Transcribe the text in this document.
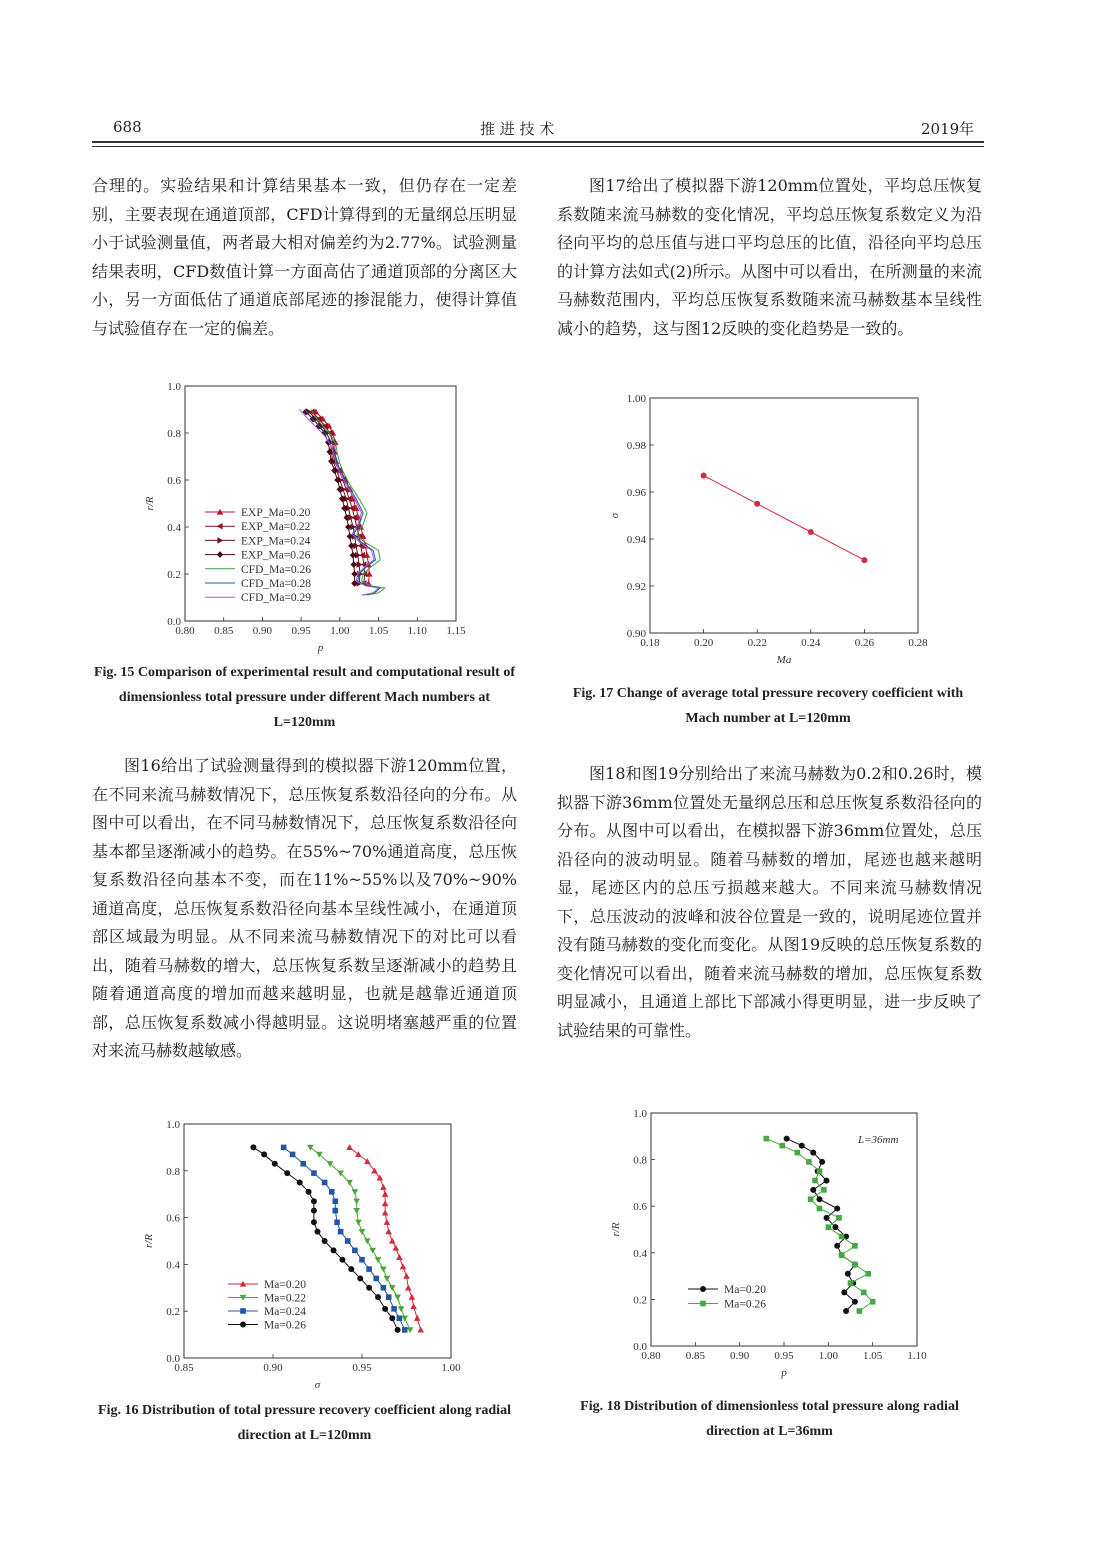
688	推 进 技 术	2019年

合理的。实验结果和计算结果基本一致，但仍存在一定差别，主要表现在通道顶部，CFD计算得到的无量纲总压明显小于试验测量值，两者最大相对偏差约为2.77%。试验测量结果表明，CFD数值计算一方面高估了通道顶部的分离区大小，另一方面低估了通道底部尾迹的掺混能力，使得计算值与试验值存在一定的偏差。

图16给出了试验测量得到的模拟器下游120mm位置，在不同来流马赫数情况下，总压恢复系数沿径向的分布。从图中可以看出，在不同马赫数情况下，总压恢复系数沿径向基本都呈逐渐减小的趋势。在55%~70%通道高度，总压恢复系数沿径向基本不变，而在11%~55%以及70%~90%通道高度，总压恢复系数沿径向基本呈线性减小，在通道顶部区域最为明显。从不同来流马赫数情况下的对比可以看出，随着马赫数的增大，总压恢复系数呈逐渐减小的趋势且随着通道高度的增加而越来越明显，也就是越靠近通道顶部，总压恢复系数减小得越明显。这说明堵塞越严重的位置对来流马赫数越敏感。

图17给出了模拟器下游120mm位置处，平均总压恢复系数随来流马赫数的变化情况，平均总压恢复系数定义为沿径向平均的总压值与进口平均总压的比值，沿径向平均总压的计算方法如式(2)所示。从图中可以看出，在所测量的来流马赫数范围内，平均总压恢复系数随来流马赫数基本呈线性减小的趋势，这与图12反映的变化趋势是一致的。

图18和图19分别给出了来流马赫数为0.2和0.26时，模拟器下游36mm位置处无量纲总压和总压恢复系数沿径向的分布。从图中可以看出，在模拟器下游36mm位置处，总压沿径向的波动明显。随着马赫数的增加，尾迹也越来越明显，尾迹区内的总压亏损越来越大。不同来流马赫数情况下，总压波动的波峰和波谷位置是一致的，说明尾迹位置并没有随马赫数的变化而变化。从图19反映的总压恢复系数的变化情况可以看出，随着来流马赫数的增加，总压恢复系数明显减小，且通道上部比下部减小得更明显，进一步反映了试验结果的可靠性。

0.80 0.85 0.90 0.95 1.00 1.05 1.10 1.15
0.0
0.2
0.4
0.6
0.8
1.0
p
r/R
EXP_Ma=0.20
EXP_Ma=0.22
EXP_Ma=0.24
EXP_Ma=0.26
CFD_Ma=0.26
CFD_Ma=0.28
CFD_Ma=0.29
0.85	0.90	0.95	1.00
0.0
0.2
0.4
0.6
0.8
1.0
σ
r/R
Ma=0.20
Ma=0.22
Ma=0.24
Ma=0.26
0.18	0.20	0.22	0.24	0.26	0.28
0.90
0.92
0.94
0.96
0.98
1.00
Ma
σ
0.80 0.85 0.90 0.95 1.00 1.05 1.10
0.0
0.2
0.4
0.6
0.8
1.0
p
r/R
Ma=0.20
Ma=0.26
L=36mm

Fig. 15 Comparison of experimental result and computational result of dimensionless total pressure under different Mach numbers at L=120mm

Fig. 16 Distribution of total pressure recovery coefficient along radial direction at L=120mm

Fig. 17 Change of average total pressure recovery coefficient with Mach number at L=120mm

Fig. 18 Distribution of dimensionless total pressure along radial direction at L=36mm
